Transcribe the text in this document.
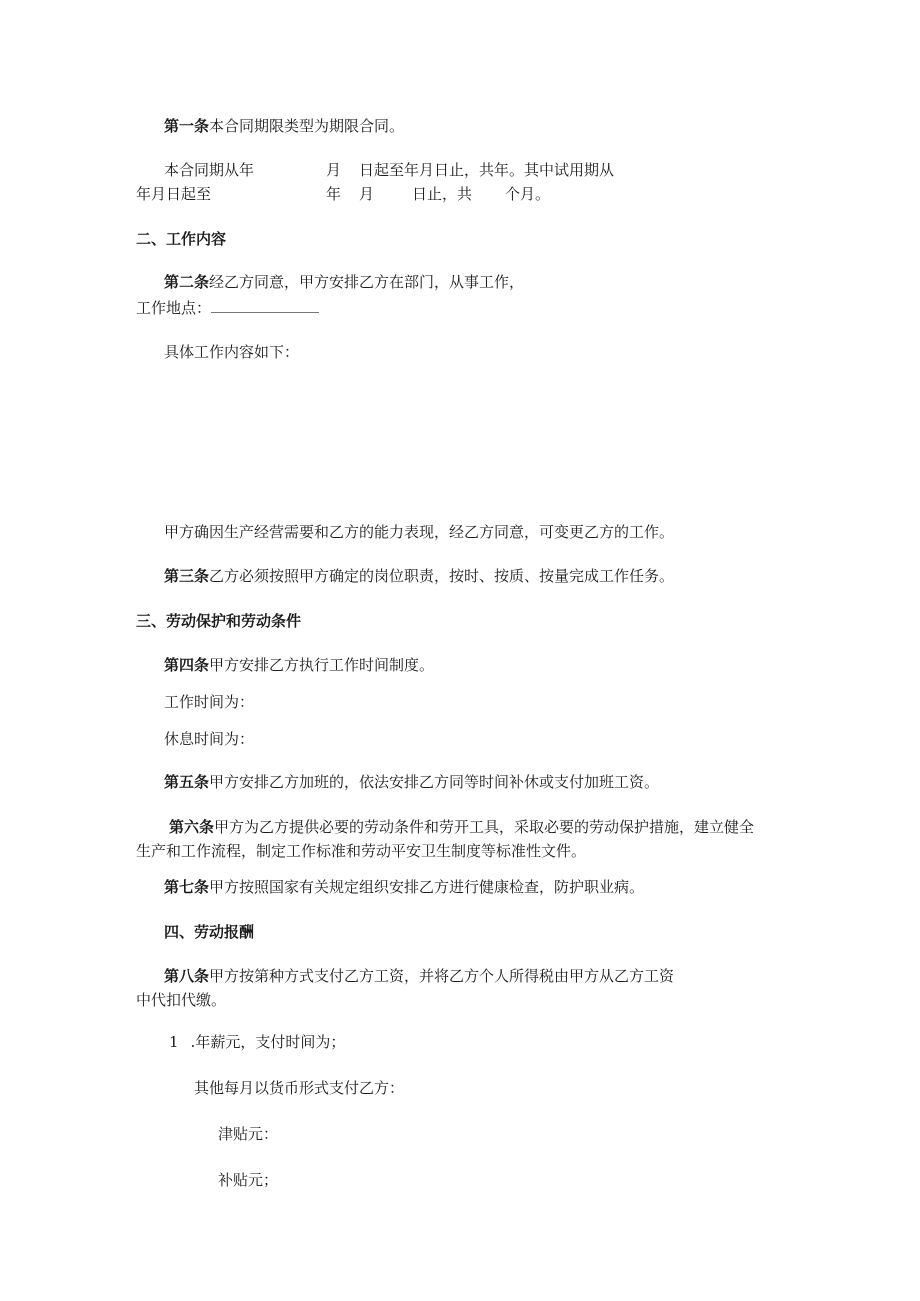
第一条本合同期限类型为期限合同。
本合同期从年	月 日起至年月日止，共年。其中试用期从
年月日起至	年 月	日止，共 个月。
二、工作内容
第二条经乙方同意，甲方安排乙方在部门，从事工作，
工作地点：
具体工作内容如下：
甲方确因生产经营需要和乙方的能力表现，经乙方同意，可变更乙方的工作。
第三条乙方必须按照甲方确定的岗位职责，按时、按质、按量完成工作任务。
三、劳动保护和劳动条件
第四条甲方安排乙方执行工作时间制度。
工作时间为：
休息时间为：
第五条甲方安排乙方加班的，依法安排乙方同等时间补休或支付加班工资。
第六条甲方为乙方提供必要的劳动条件和劳开工具，采取必要的劳动保护措施，建立健全
生产和工作流程，制定工作标准和劳动平安卫生制度等标准性文件。
第七条甲方按照国家有关规定组织安排乙方进行健康检查，防护职业病。
四、劳动报酬
第八条甲方按第种方式支付乙方工资，并将乙方个人所得税由甲方从乙方工资
中代扣代缴。
1 .年薪元，支付时间为；
其他每月以货币形式支付乙方：
津贴元：
补贴元；
